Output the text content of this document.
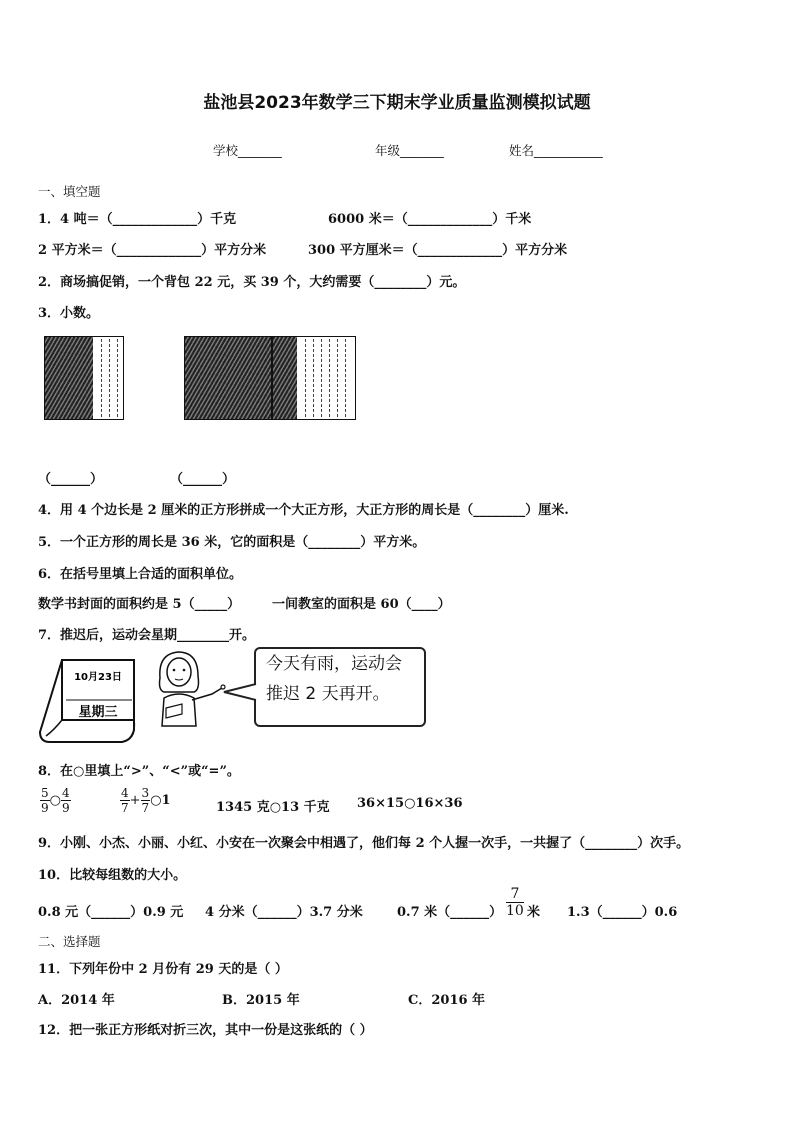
盐池县2023年数学三下期末学业质量监测模拟试题
学校_______	年级_______	姓名___________
一、填空题
1．4 吨＝（_____________）千克	6000 米＝（_____________）千米
2 平方米＝（_____________）平方分米	300 平方厘米＝（_____________）平方分米
2．商场搞促销，一个背包 22 元，买 39 个，大约需要（________）元。
3．小数。
（______）	（______）
4．用 4 个边长是 2 厘米的正方形拼成一个大正方形，大正方形的周长是（________）厘米.
5．一个正方形的周长是 36 米，它的面积是（________）平方米。
6．在括号里填上合适的面积单位。
数学书封面的面积约是 5（_____） 一间教室的面积是 60（____）
7．推迟后，运动会星期________开。
10月23日
星期三
今天有雨，运动会
推迟 2 天再开。
8．在○里填上“>”、“<”或“=”。
$\frac{5}{9}$ ○ $\frac{4}{9}$	$\frac{4}{7} + \frac{3}{7}$ ○1	1345 克○13 千克 36×15○16×36
9．小刚、小杰、小丽、小红、小安在一次聚会中相遇了，他们每 2 个人握一次手，一共握了（________）次手。
10．比较每组数的大小。
0.8 元（______）0.9 元 4 分米（______）3.7 分米	0.7 米（______） $\frac{7}{10}$ 米 1.3（______）0.6
二、选择题
11．下列年份中 2 月份有 29 天的是（ ）
A．2014 年	B．2015 年	C．2016 年
12．把一张正方形纸对折三次，其中一份是这张纸的（ ）
